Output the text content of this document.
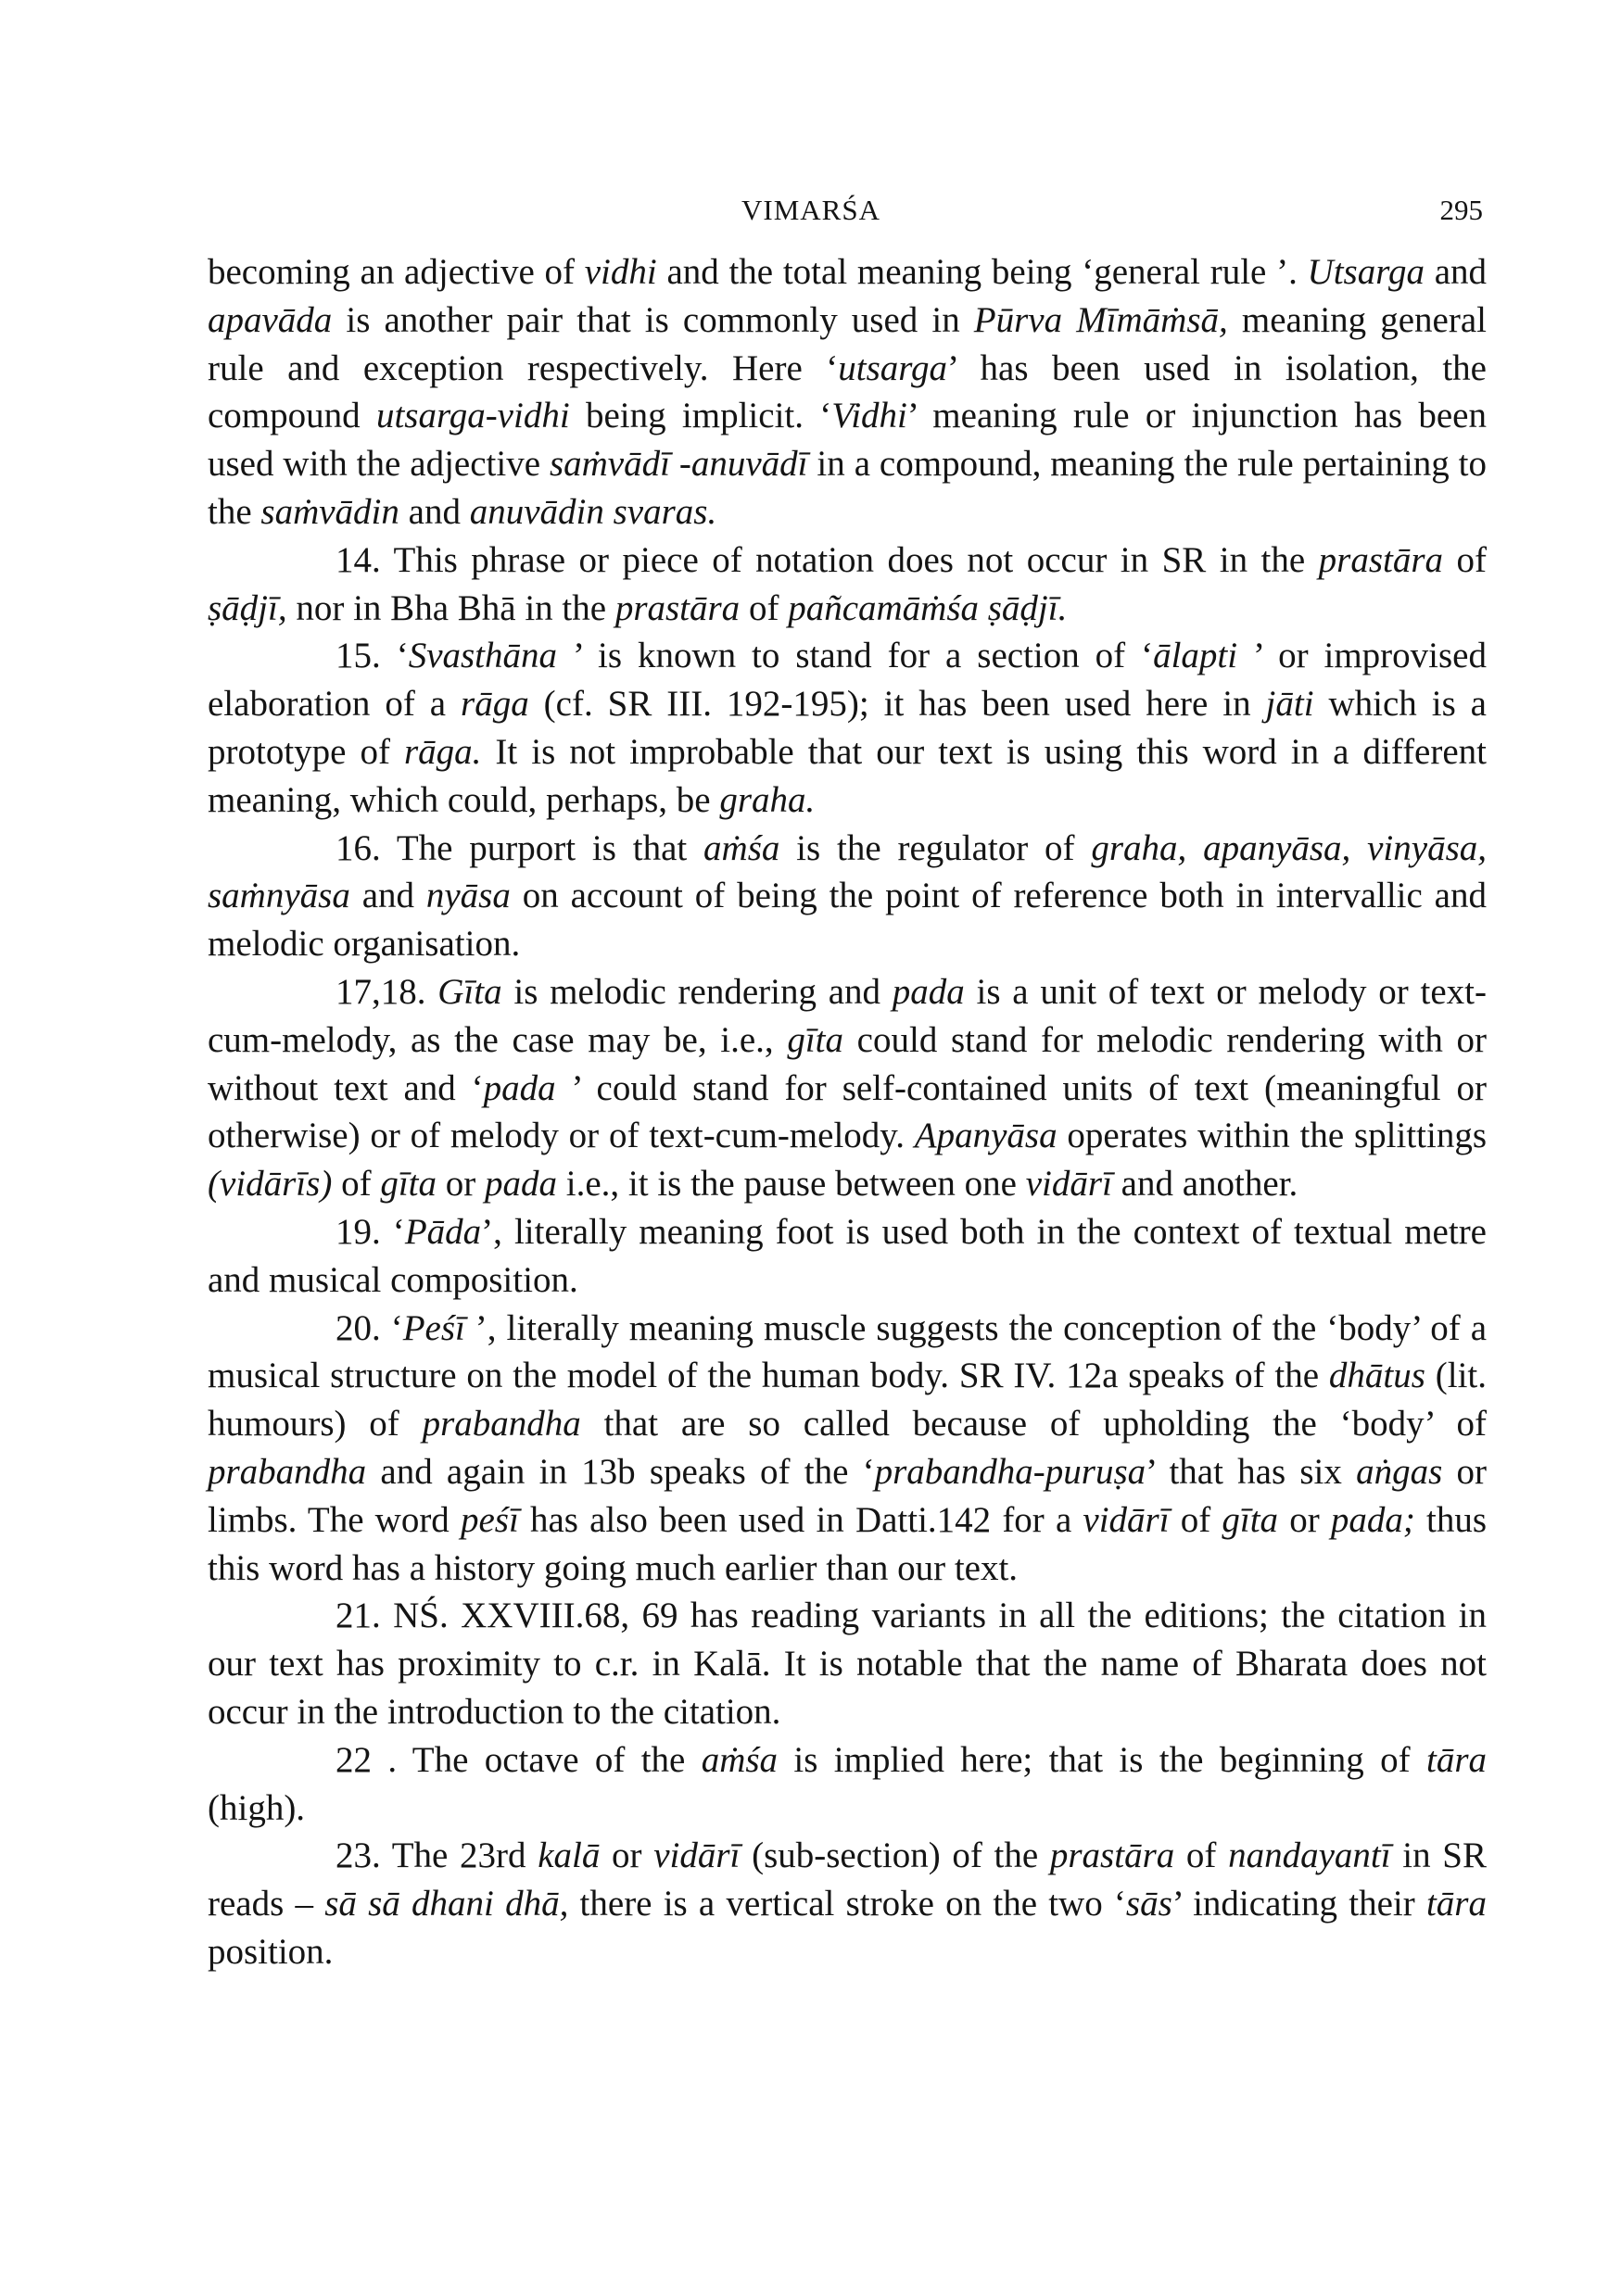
VIMARŚA	295

becoming an adjective of vidhi and the total meaning being ‘general rule ’. Utsarga and apavāda is another pair that is commonly used in Pūrva Mīmāṁsā, meaning general rule and exception respectively. Here ‘utsarga’ has been used in isolation, the compound utsarga-vidhi being implicit. ‘Vidhi’ meaning rule or injunction has been used with the adjective saṁvādī -anuvādī in a compound, meaning the rule pertaining to the saṁvādin and anuvādin svaras.

14. This phrase or piece of notation does not occur in SR in the prastāra of ṣāḍjī, nor in Bha Bhā in the prastāra of pañcamāṁśa ṣāḍjī.

15. ‘Svasthāna ’ is known to stand for a section of ‘ālapti ’ or improvised elaboration of a rāga (cf. SR III. 192-195); it has been used here in jāti which is a prototype of rāga. It is not improbable that our text is using this word in a different meaning, which could, perhaps, be graha.

16. The purport is that aṁśa is the regulator of graha, apanyāsa, vinyāsa, saṁnyāsa and nyāsa on account of being the point of reference both in intervallic and melodic organisation.

17,18. Gīta is melodic rendering and pada is a unit of text or melody or text-cum-melody, as the case may be, i.e., gīta could stand for melodic rendering with or without text and ‘pada ’ could stand for self-contained units of text (meaningful or otherwise) or of melody or of text-cum-melody. Apanyāsa operates within the splittings (vidārīs) of gīta or pada i.e., it is the pause between one vidārī and another.

19. ‘Pāda’, literally meaning foot is used both in the context of textual metre and musical composition.

20. ‘Peśī ’, literally meaning muscle suggests the conception of the ‘body’ of a musical structure on the model of the human body. SR IV. 12a speaks of the dhātus (lit. humours) of prabandha that are so called because of upholding the ‘body’ of prabandha and again in 13b speaks of the ‘prabandha-puruṣa’ that has six aṅgas or limbs. The word peśī has also been used in Datti.142 for a vidārī of gīta or pada; thus this word has a history going much earlier than our text.

21. NŚ. XXVIII.68, 69 has reading variants in all the editions; the citation in our text has proximity to c.r. in Kalā. It is notable that the name of Bharata does not occur in the introduction to the citation.

22 . The octave of the aṁśa is implied here; that is the beginning of tāra (high).

23. The 23rd kalā or vidārī (sub-section) of the prastāra of nandayantī in SR reads – sā sā dhani dhā, there is a vertical stroke on the two ‘sās’ indicating their tāra position.
